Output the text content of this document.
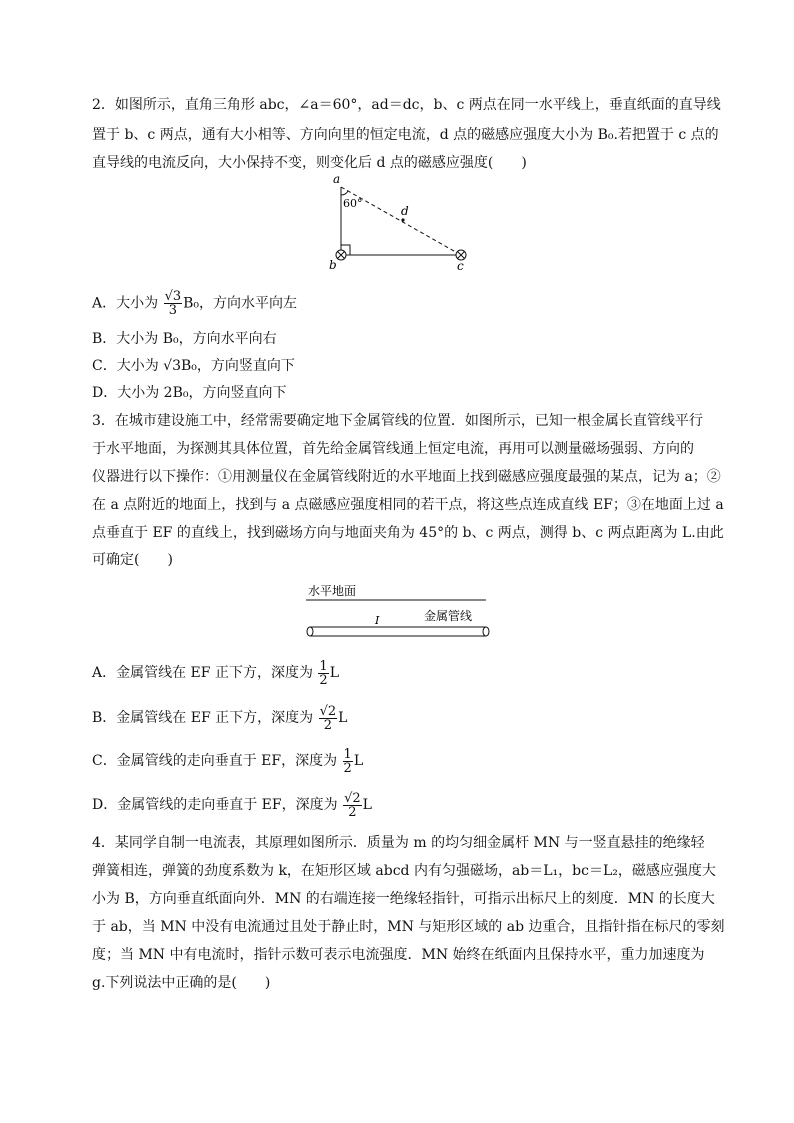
2．如图所示，直角三角形 abc，∠a＝60°，ad＝dc，b、c 两点在同一水平线上，垂直纸面的直导线
置于 b、c 两点，通有大小相等、方向向里的恒定电流，d 点的磁感应强度大小为 B₀.若把置于 c 点的
直导线的电流反向，大小保持不变，则变化后 d 点的磁感应强度(　　)
a
60°
d
b	c
A．大小为 $\frac{√3}{3} B_0$，方向水平向左
B．大小为 B₀，方向水平向右
C．大小为 √3B₀，方向竖直向下
D．大小为 2B₀，方向竖直向下
3．在城市建设施工中，经常需要确定地下金属管线的位置．如图所示，已知一根金属长直管线平行
于水平地面，为探测其具体位置，首先给金属管线通上恒定电流，再用可以测量磁场强弱、方向的
仪器进行以下操作：①用测量仪在金属管线附近的水平地面上找到磁感应强度最强的某点，记为 a；②
在 a 点附近的地面上，找到与 a 点磁感应强度相同的若干点，将这些点连成直线 EF；③在地面上过 a
点垂直于 EF 的直线上，找到磁场方向与地面夹角为 45°的 b、c 两点，测得 b、c 两点距离为 L.由此
可确定(　　)
水平地面
金属管线
I
A．金属管线在 EF 正下方，深度为 $\frac{1}{2}$ L
B．金属管线在 EF 正下方，深度为 $\frac{√2}{2}$ L
C．金属管线的走向垂直于 EF，深度为 $\frac{1}{2}$ L
D．金属管线的走向垂直于 EF，深度为 $\frac{√2}{2}$ L
4．某同学自制一电流表，其原理如图所示．质量为 m 的均匀细金属杆 MN 与一竖直悬挂的绝缘轻
弹簧相连，弹簧的劲度系数为 k，在矩形区域 abcd 内有匀强磁场，ab＝L₁，bc＝L₂，磁感应强度大
小为 B，方向垂直纸面向外．MN 的右端连接一绝缘轻指针，可指示出标尺上的刻度．MN 的长度大
于 ab，当 MN 中没有电流通过且处于静止时，MN 与矩形区域的 ab 边重合，且指针指在标尺的零刻
度；当 MN 中有电流时，指针示数可表示电流强度．MN 始终在纸面内且保持水平，重力加速度为
g.下列说法中正确的是(　　)
